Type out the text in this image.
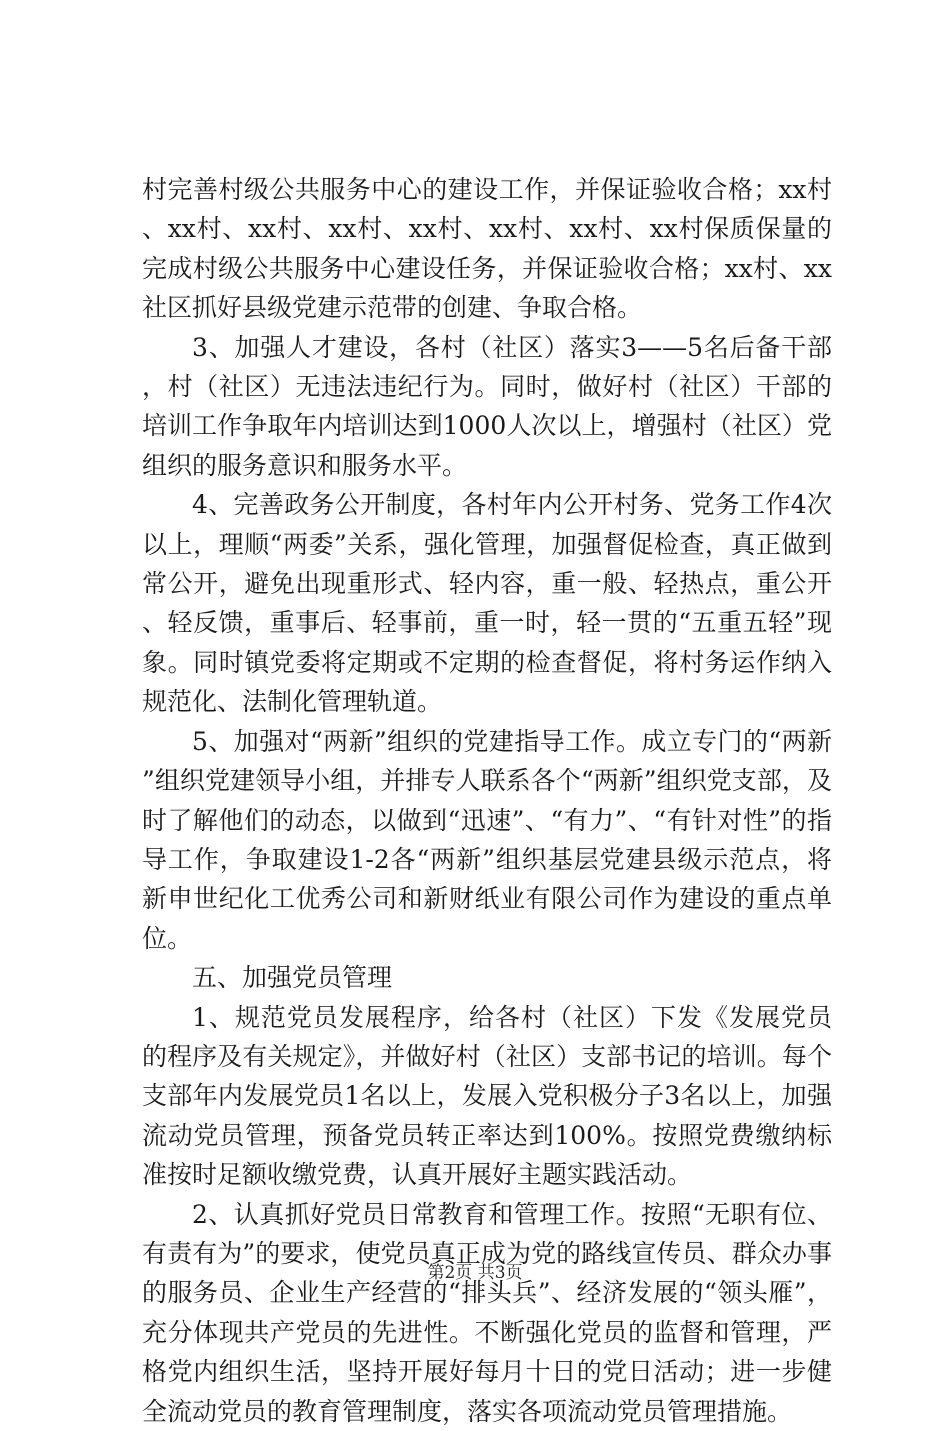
村完善村级公共服务中心的建设工作，并保证验收合格；xx村、xx村、xx村、xx村、xx村、xx村、xx村、xx村保质保量的完成村级公共服务中心建设任务，并保证验收合格；xx村、xx社区抓好县级党建示范带的创建、争取合格。

3、加强人才建设，各村（社区）落实3——5名后备干部，村（社区）无违法违纪行为。同时，做好村（社区）干部的培训工作争取年内培训达到1000人次以上，增强村（社区）党组织的服务意识和服务水平。

4、完善政务公开制度，各村年内公开村务、党务工作4次以上，理顺“两委”关系，强化管理，加强督促检查，真正做到常公开，避免出现重形式、轻内容，重一般、轻热点，重公开、轻反馈，重事后、轻事前，重一时，轻一贯的“五重五轻”现象。同时镇党委将定期或不定期的检查督促，将村务运作纳入规范化、法制化管理轨道。

5、加强对“两新”组织的党建指导工作。成立专门的“两新”组织党建领导小组，并排专人联系各个“两新”组织党支部，及时了解他们的动态，以做到“迅速”、“有力”、“有针对性”的指导工作，争取建设1-2各“两新”组织基层党建县级示范点，将新申世纪化工优秀公司和新财纸业有限公司作为建设的重点单位。

五、加强党员管理

1、规范党员发展程序，给各村（社区）下发《发展党员的程序及有关规定》，并做好村（社区）支部书记的培训。每个支部年内发展党员1名以上，发展入党积极分子3名以上，加强流动党员管理，预备党员转正率达到100%。按照党费缴纳标准按时足额收缴党费，认真开展好主题实践活动。

2、认真抓好党员日常教育和管理工作。按照“无职有位、有责有为”的要求，使党员真正成为党的路线宣传员、群众办事的服务员、企业生产经营的“排头兵”、经济发展的“领头雁”，充分体现共产党员的先进性。不断强化党员的监督和管理，严格党内组织生活，坚持开展好每月十日的党日活动；进一步健全流动党员的教育管理制度，落实各项流动党员管理措施。

第2页 共3页
